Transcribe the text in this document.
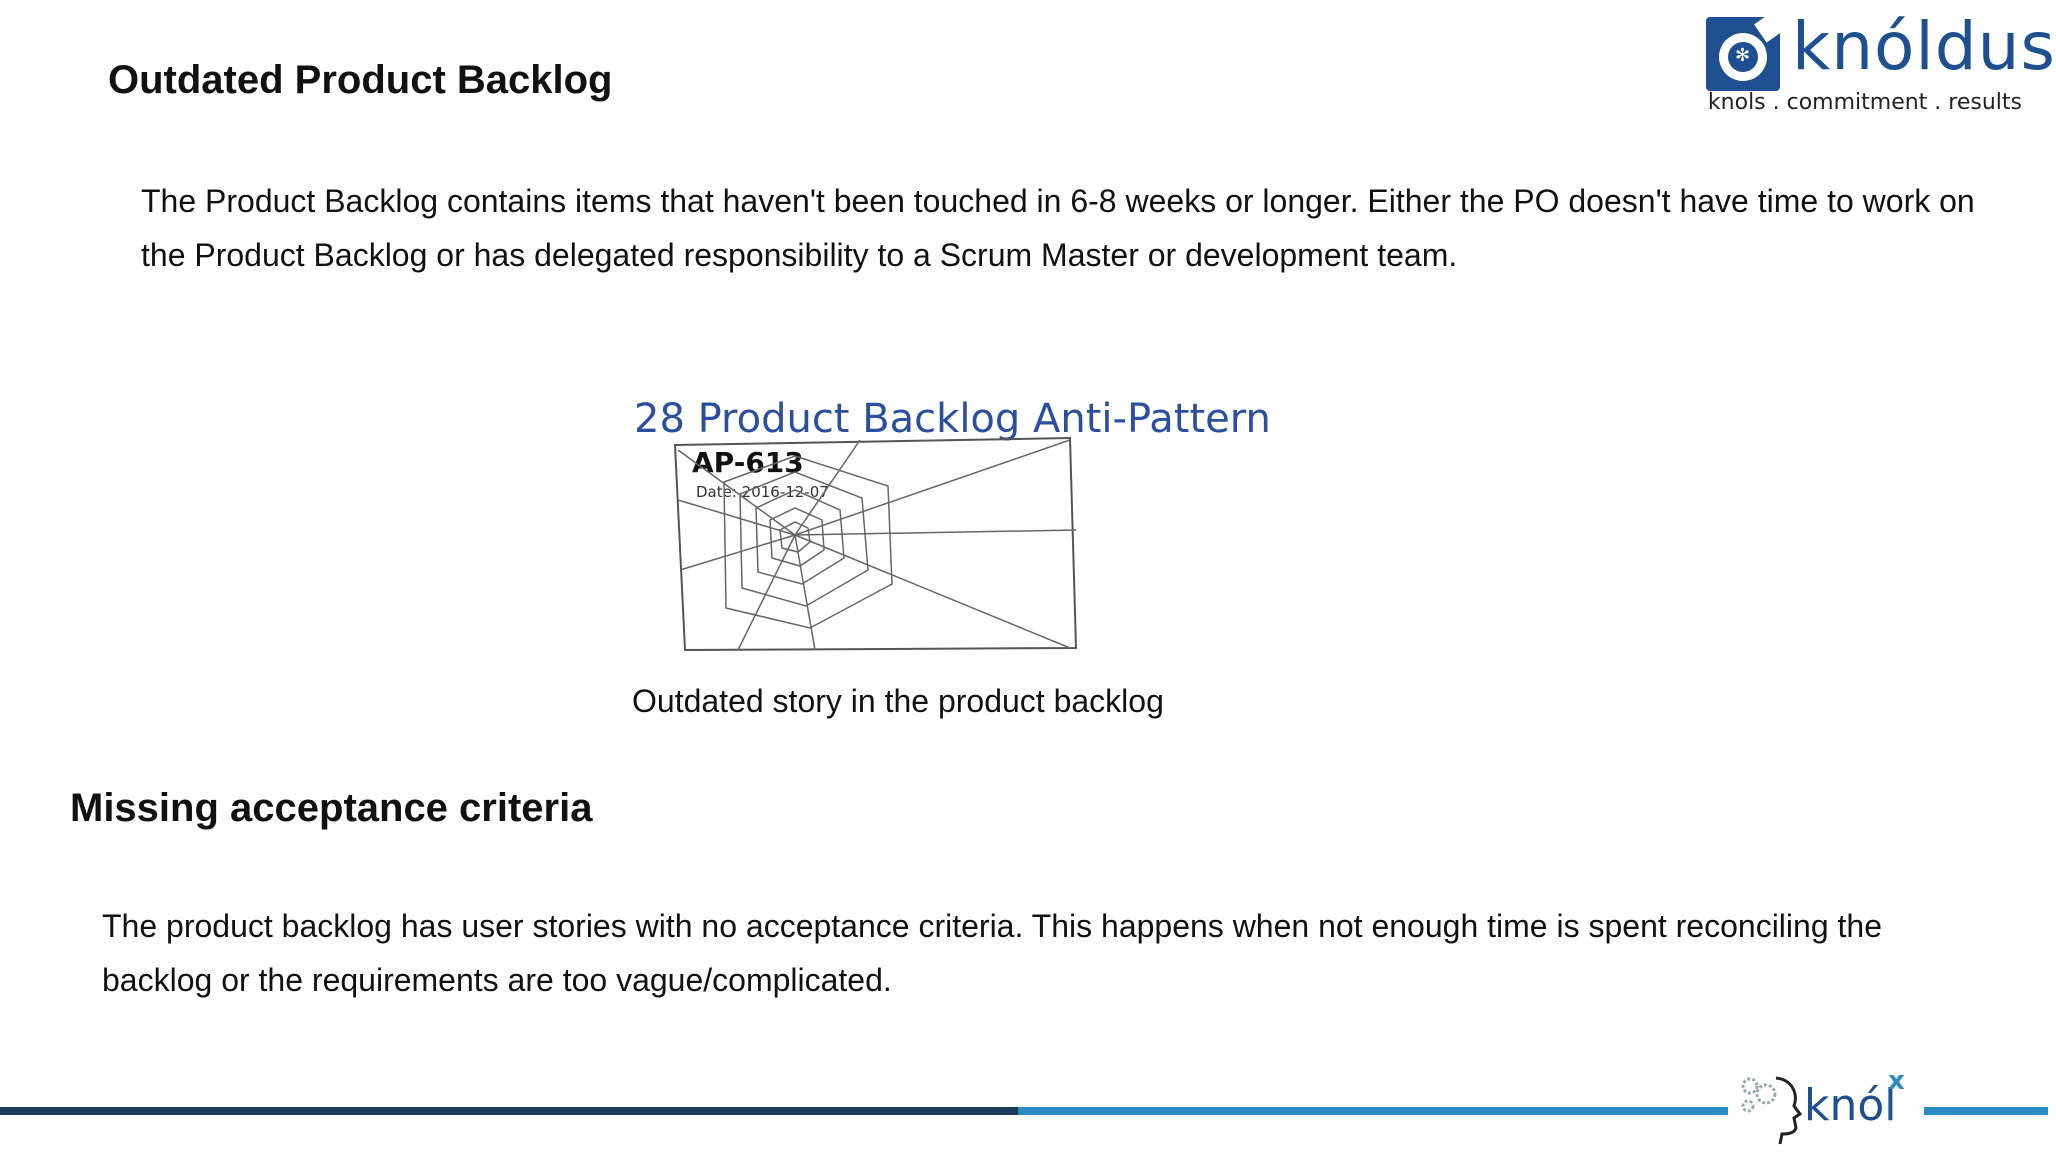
✻ knóldus
knols . commitment . results
Outdated Product Backlog
The Product Backlog contains items that haven't been touched in 6-8 weeks or longer. Either the PO doesn't have time to work on the Product Backlog or has delegated responsibility to a Scrum Master or development team.
28 Product Backlog Anti-Pattern
AP-613
Date: 2016-12-07
Outdated story in the product backlog
Missing acceptance criteria
The product backlog has user stories with no acceptance criteria. This happens when not enough time is spent reconciling the backlog or the requirements are too vague/complicated.
knól
x
